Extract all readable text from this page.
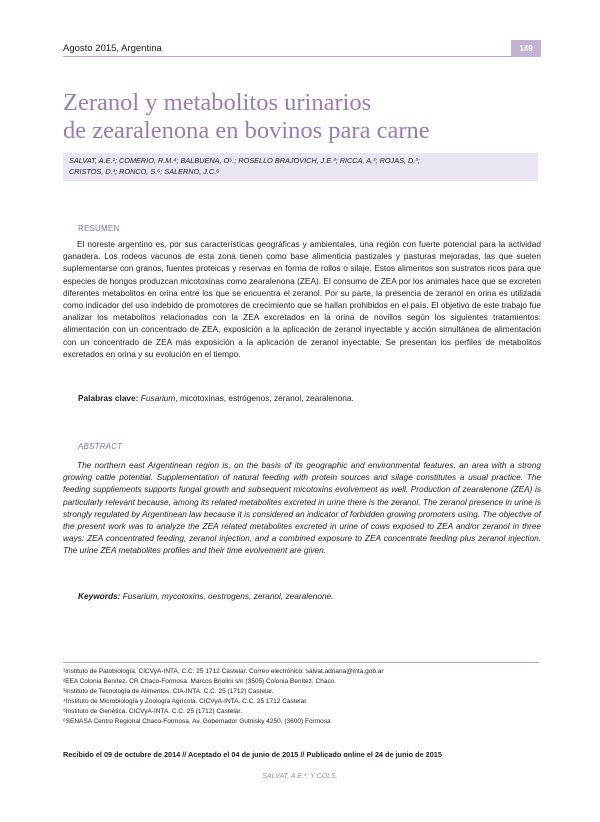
Agosto 2015, Argentina	149
Zeranol y metabolitos urinarios
de zearalenona en bovinos para carne
SALVAT, A.E.¹; COMERIO, R.M.⁴; BALBUENA, O⁵.; ROSELLO BRAJOVICH, J.E.³; RICCA, A.³; ROJAS, D.³;
CRISTOS, D.³; RONCO, S.⁶; SALERNO, J.C.⁶
RESUMEN

El noreste argentino es, por sus características geográficas y ambientales, una región con fuerte potencial para la actividad ganadera. Los rodeos vacunos de esta zona tienen como base alimenticia pastizales y pasturas mejoradas, las que suelen suplementarse con granos, fuentes proteicas y reservas en forma de rollos o silaje. Estos alimentos son sustratos ricos para que especies de hongos produzcan micotoxinas como zearalenona (ZEA). El consumo de ZEA por los animales hace que se excreten diferentes metabolitos en orina entre los que se encuentra el zeranol. Por su parte, la presencia de zeranol en orina es utilizada como indicador del uso indebido de promotores de crecimiento que se hallan prohibidos en el país. El objetivo de este trabajo fue analizar los metabolitos relacionados con la ZEA excretados en la orina de novillos según los siguientes tratamientos: alimentación con un concentrado de ZEA, exposición a la aplicación de zeranol inyectable y acción simultánea de alimentación con un concentrado de ZEA más exposición a la aplicación de zeranol inyectable. Se presentan los perfiles de metabolitos excretados en orina y su evolución en el tiempo.

Palabras clave: Fusarium, micotoxinas, estrógenos, zeranol, zearalenona.
ABSTRACT

The northern east Argentinean region is, on the basis of its geographic and environmental features, an area with a strong growing cattle potential. Supplementation of natural feeding with protein sources and silage constitutes a usual practice. The feeding suppliements supports fungal growth and subsequent micotoxins evolvement as well. Production of zearalenone (ZEA) is particularly relevant because, among its related metabolites excreted in urine there is the zeranol. The zeranol presence in urine is strongly regulated by Argentinean law because it is considered an indicator of forbidden growing promoters using. The objective of the present work was to analyze the ZEA related metabolites excreted in urine of cows exposed to ZEA and/or zeranol in three ways: ZEA concentrated feeding, zeranol injection, and a combined exposure to ZEA concentrate feeding plus zeranol injection. The urine ZEA metabolites profiles and their time evolvement are given.

Keywords: Fusarium, mycotoxins, oestrogens, zeranol, zearalenone.
¹Instituto de Patobiología. CICVyA-INTA. C.C. 25 1712 Castelar. Correo electrónico: salvat.adriana@inta.gob.ar
²EEA Colonia Benítez. CR Chaco-Formosa. Marcos Briolini s/n (3505) Colonia Benítez. Chaco.
³Instituto de Tecnología de Alimentos. CIA-INTA. C.C. 25 (1712) Castelar.
⁴Instituto de Microbiología y Zoología Agrícola. CICVyA-INTA. C.C. 25 1712 Castelar.
⁵Instituto de Genética. CICVyA-INTA. C.C. 25 (1712) Castelar.
⁶SENASA Centro Regional Chaco-Formosa. Av. Gobernador Gutnisky 4250. (3600) Formosa
Recibido el 09 de octubre de 2014 // Aceptado el 04 de junio de 2015 // Publicado online el 24 de junio de 2015
SALVAT, A.E.¹; Y COLS.
